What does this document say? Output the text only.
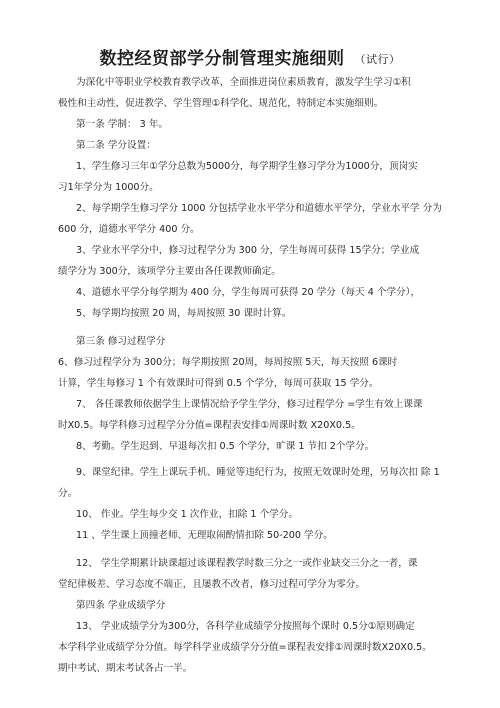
数控经贸部学分制管理实施细则 （试行）
为深化中等职业学校教育教学改革，全面推进岗位素质教育，激发学生学习①积
极性和主动性，促进教学、学生管理①科学化、规范化，特制定本实施细则。
第一条 学制： 3 年。
第二条 学分设置：
1、学生修习三年①学分总数为5000分，每学期学生修习学分为1000分，顶岗实
习1年学分为 1000分。
2、每学期学生修习学分 1000 分包括学业水平学分和道德水平学分，学业水平学 分为
600 分，道德水平学分 400 分。
3、学业水平学分中，修习过程学分为 300 分，学生每周可获得 15学分；学业成
绩学分为 300分，该项学分主要由各任课教师确定。
4、道德水平学分每学期为 400 分，学生每周可获得 20 学分（每天 4 个学分），
5、每学期均按照 20 周，每周按照 30 课时计算。
第三条 修习过程学分
6、修习过程学分为 300分；每学期按照 20周，每周按照 5天，每天按照 6课时
计算，学生每修习 1 个有效课时可得到 0.5 个学分，每周可获取 15 学分。
7、 各任课教师依据学生上课情况给予学生学分，修习过程学分 =学生有效上课课
时X0.5。每学科修习过程学分分值=课程表安排①周课时数 X20X0.5。
8、考勤。学生迟到、早退每次扣 0.5 个学分，旷课 1 节扣 2个学分。
9、课堂纪律。学生上课玩手机、睡觉等违纪行为，按照无效课时处理，另每次扣 除 1
分。
10、 作业。学生每少交 1 次作业，扣除 1 个学分。
11 、学生课上顶撞老师、无理取闹酌情扣除 50-200 学分。
12、 学生学期累计缺课超过该课程教学时数三分之一或作业缺交三分之一者，课
堂纪律极差、学习态度不端正，且屡教不改者，修习过程可学分为零分。
第四条 学业成绩学分
13、 学业成绩学分为300分，各科学业成绩学分按照每个课时 0.5分①原则确定
本学科学业成绩学分分值。每学科学业成绩学分分值=课程表安排①周课时数X20X0.5。
期中考试、期末考试各占一半。
